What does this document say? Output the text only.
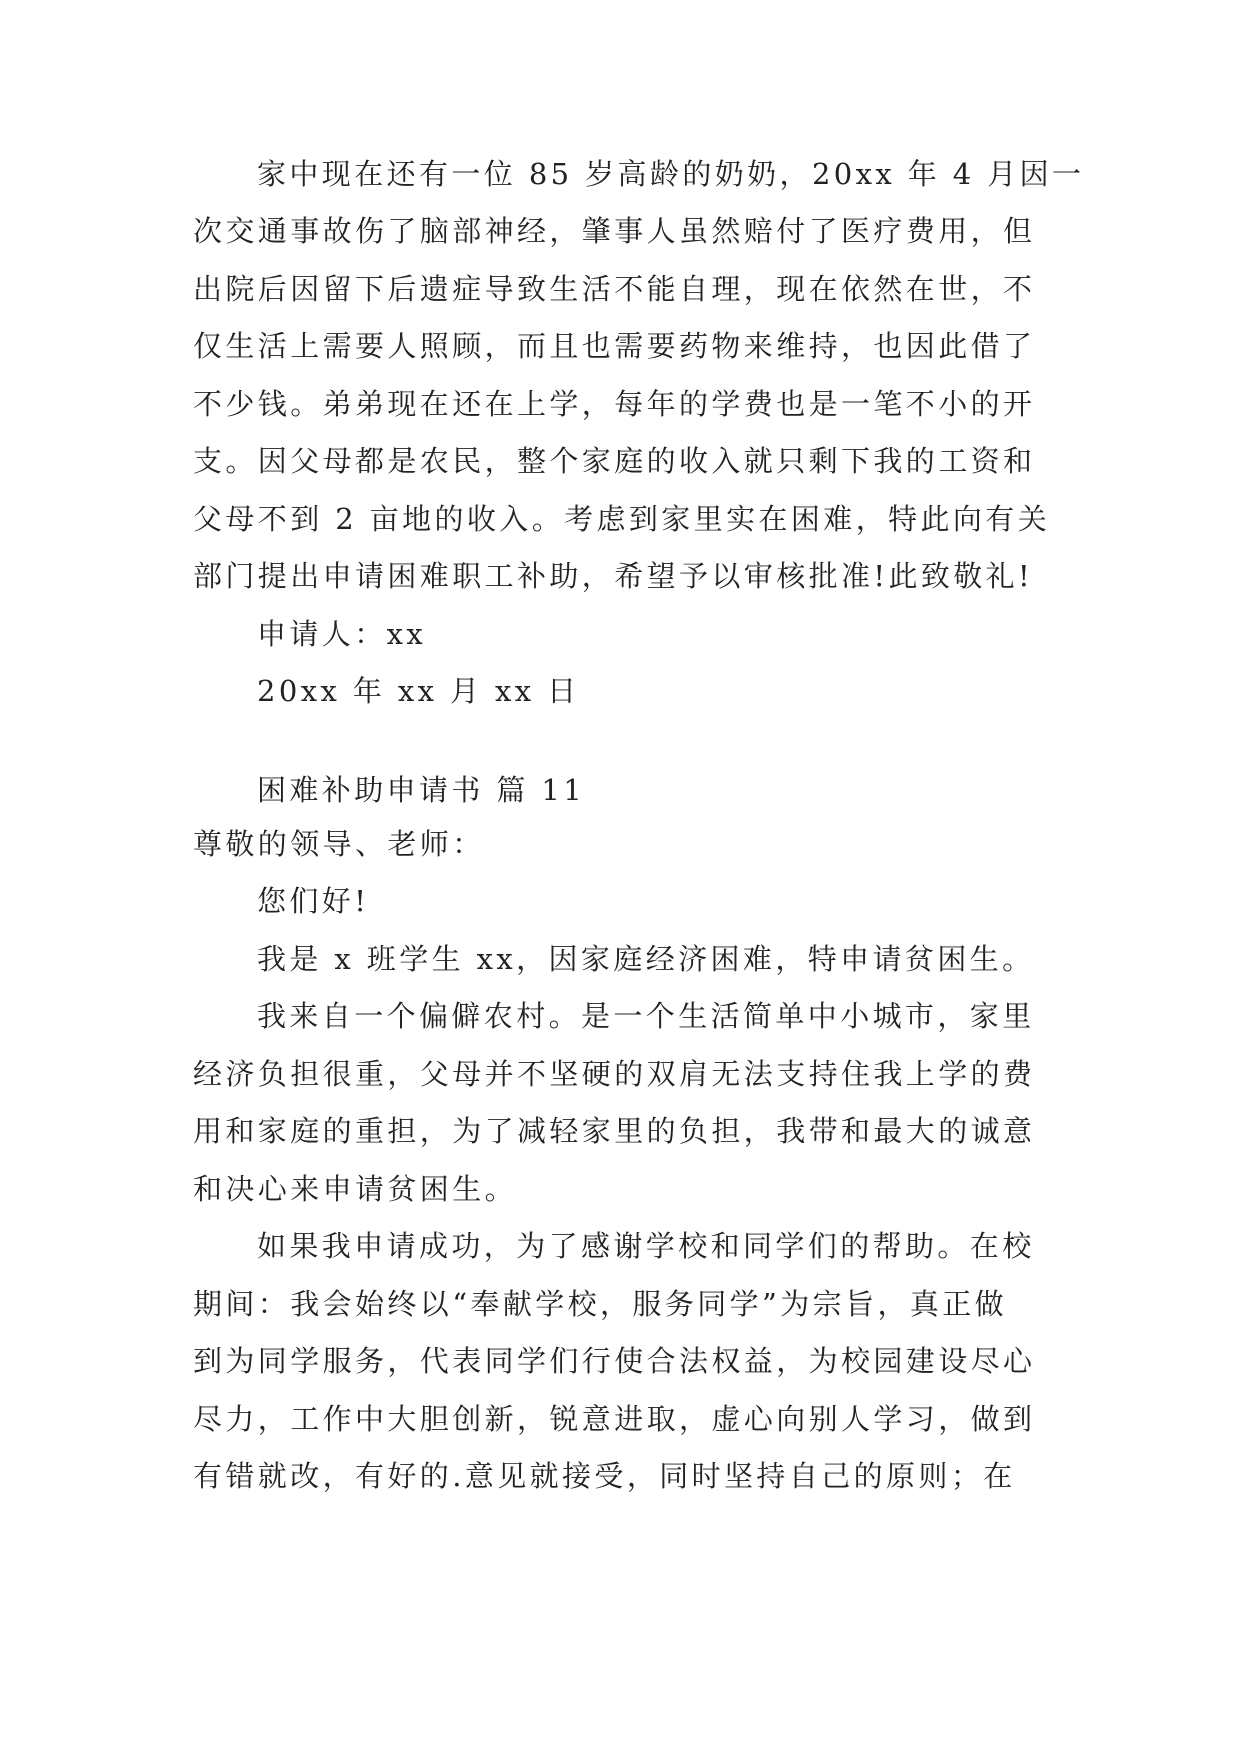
家中现在还有一位 85 岁高龄的奶奶，20xx 年 4 月因一
次交通事故伤了脑部神经，肇事人虽然赔付了医疗费用，但
出院后因留下后遗症导致生活不能自理，现在依然在世，不
仅生活上需要人照顾，而且也需要药物来维持，也因此借了
不少钱。弟弟现在还在上学，每年的学费也是一笔不小的开
支。因父母都是农民，整个家庭的收入就只剩下我的工资和
父母不到 2 亩地的收入。考虑到家里实在困难，特此向有关
部门提出申请困难职工补助，希望予以审核批准!此致敬礼!
申请人：xx
20xx 年 xx 月 xx 日
困难补助申请书 篇 11
尊敬的领导、老师：
您们好!
我是 x 班学生 xx，因家庭经济困难，特申请贫困生。
我来自一个偏僻农村。是一个生活简单中小城市，家里
经济负担很重，父母并不坚硬的双肩无法支持住我上学的费
用和家庭的重担，为了减轻家里的负担，我带和最大的诚意
和决心来申请贫困生。
如果我申请成功，为了感谢学校和同学们的帮助。在校
期间：我会始终以“奉献学校，服务同学”为宗旨，真正做
到为同学服务，代表同学们行使合法权益，为校园建设尽心
尽力，工作中大胆创新，锐意进取，虚心向别人学习，做到
有错就改，有好的.意见就接受，同时坚持自己的原则；在
